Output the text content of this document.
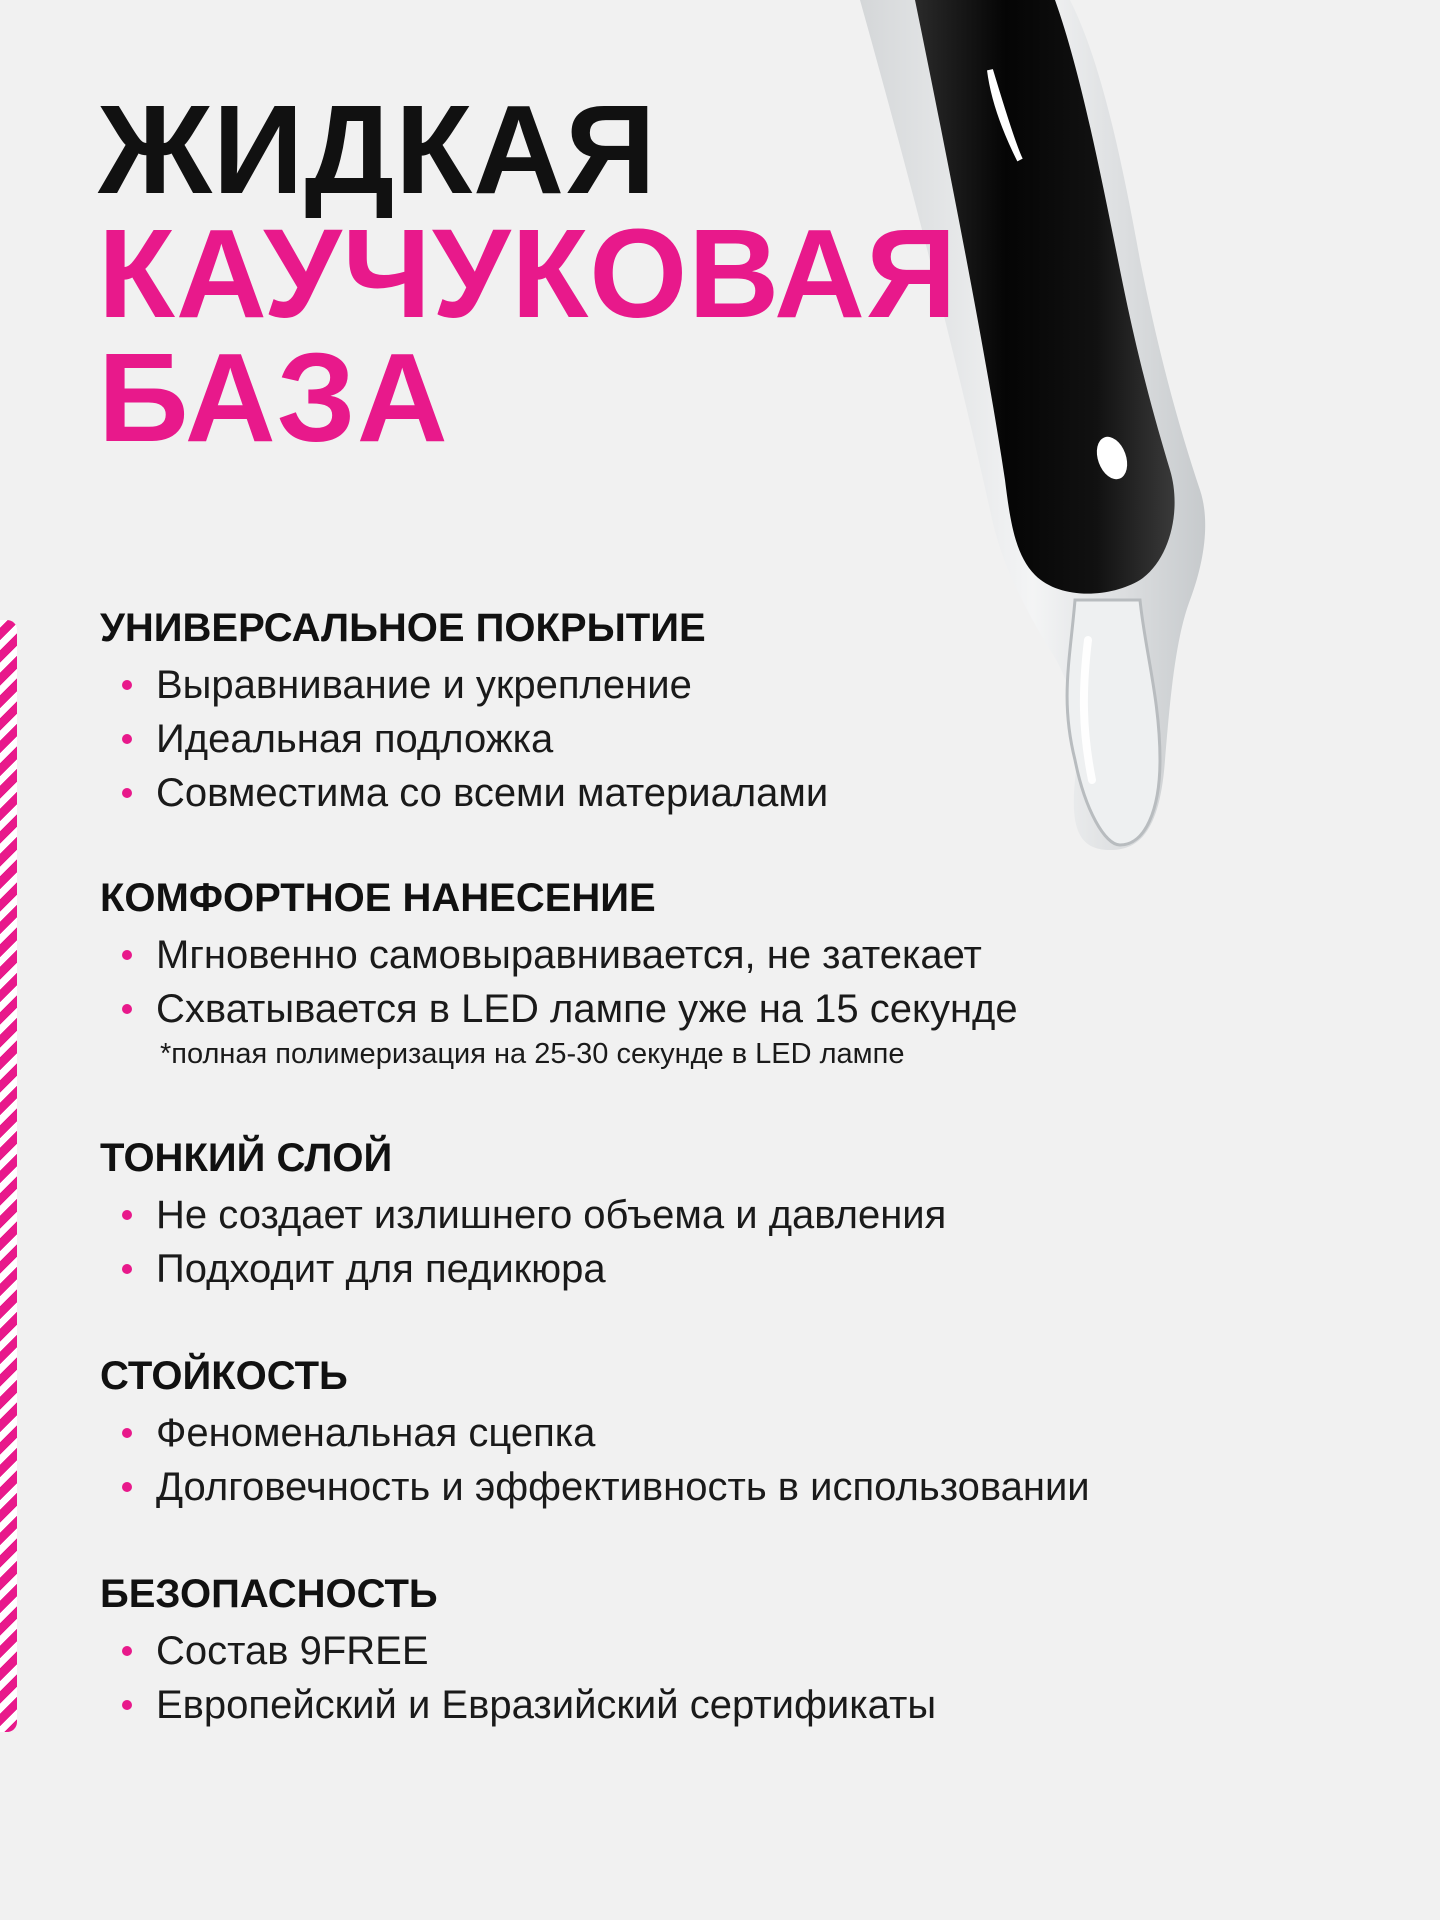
ЖИДКАЯ
КАУЧУКОВАЯ
БАЗА
УНИВЕРСАЛЬНОЕ ПОКРЫТИЕ
Выравнивание и укрепление
Идеальная подложка
Совместима со всеми материалами
КОМФОРТНОЕ НАНЕСЕНИЕ
Мгновенно самовыравнивается, не затекает
Схватывается в LED лампе уже на 15 секунде
*полная полимеризация на 25-30 секунде в LED лампе
ТОНКИЙ СЛОЙ
Не создает излишнего объема и давления
Подходит для педикюра
СТОЙКОСТЬ
Феноменальная сцепка
Долговечность и эффективность в использовании
БЕЗОПАСНОСТЬ
Состав 9FREE
Европейский и Евразийский сертификаты
